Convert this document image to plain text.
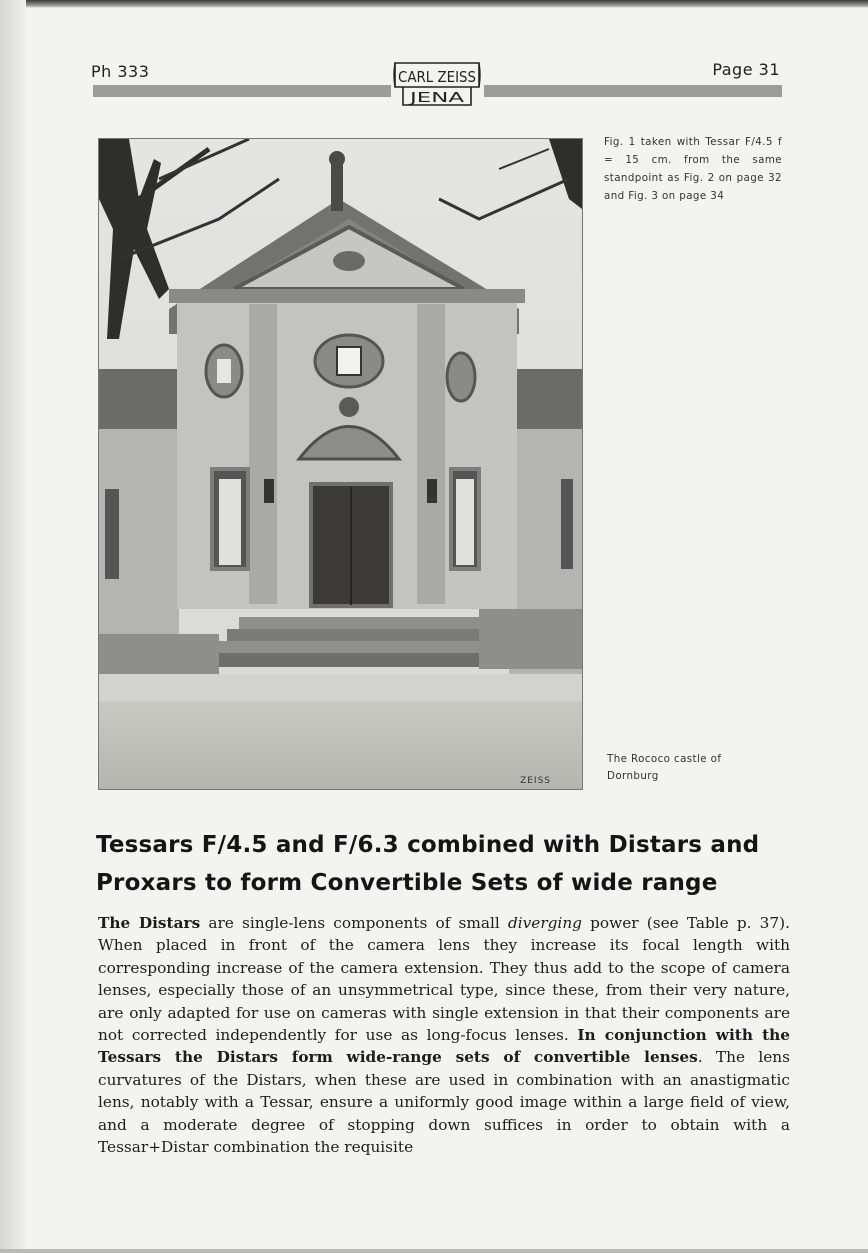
Ph 333	Page 31
CARL ZEISS
JENA
ZEISS
Fig. 1 taken with Tessar F/4.5 f = 15 cm. from the same standpoint as Fig. 2 on page 32 and Fig. 3 on page 34
The Rococo castle of
Dornburg
Tessars F/4.5 and F/6.3 combined with Distars and
Proxars to form Convertible Sets of wide range

The Distars are single-lens components of small diverging power (see Table p. 37). When placed in front of the camera lens they increase its focal length with corresponding increase of the camera extension. They thus add to the scope of camera lenses, especially those of an unsymmetrical type, since these, from their very nature, are only adapted for use on cameras with single extension in that their components are not corrected independently for use as long-focus lenses. In conjunction with the Tessars the Distars form wide-range sets of convertible lenses. The lens curvatures of the Distars, when these are used in combination with an anastigmatic lens, notably with a Tessar, ensure a uniformly good image within a large field of view, and a moderate degree of stopping down suffices in order to obtain with a Tessar+Distar combination the requisite
